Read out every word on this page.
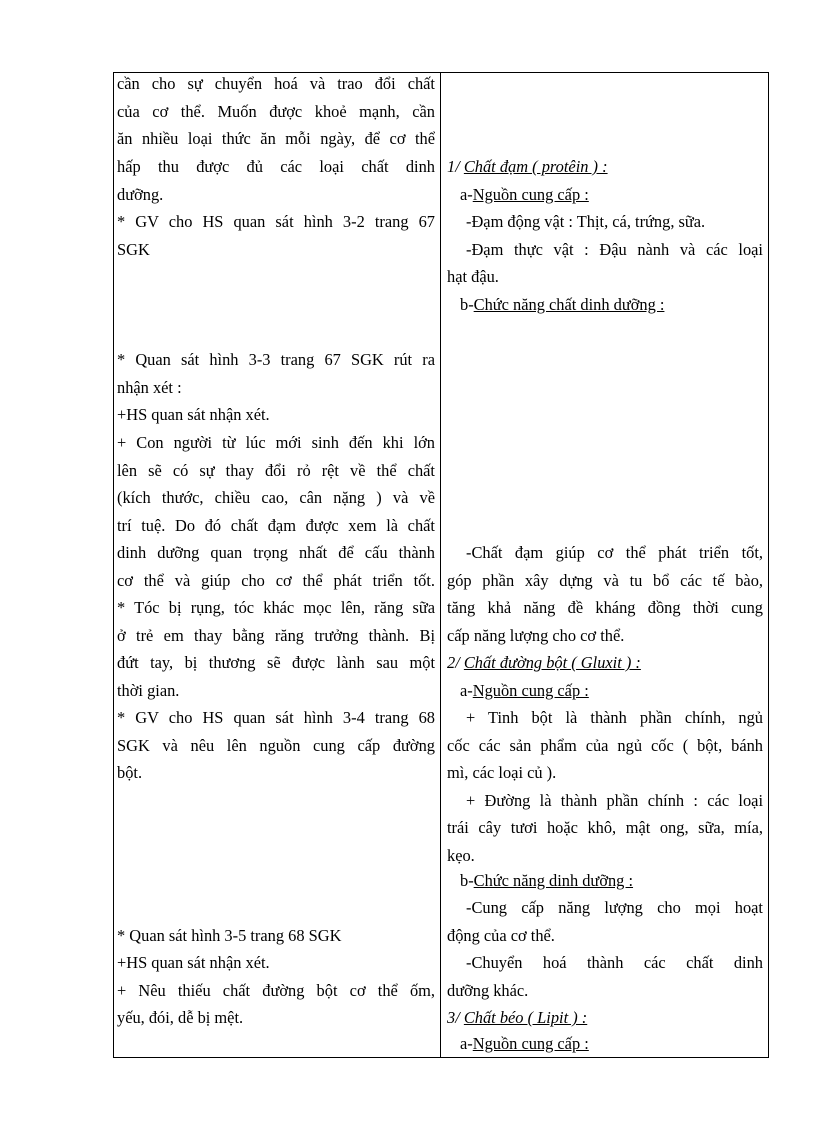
cần cho sự chuyển hoá và trao đổi chất
của cơ thể. Muốn được khoẻ mạnh, cần
ăn nhiều loại thức ăn mỗi ngày, để cơ thể
hấp thu được đủ các loại chất dinh
dưỡng.
* GV cho HS quan sát hình 3-2 trang 67
SGK
* Quan sát hình 3-3 trang 67 SGK rút ra
nhận xét :
+HS quan sát nhận xét.
+ Con người từ lúc mới sinh đến khi lớn
lên sẽ có sự thay đổi rỏ rệt về thể chất
(kích thước, chiều cao, cân nặng ) và về
trí tuệ. Do đó chất đạm được xem là chất
dinh dưỡng quan trọng nhất để cấu thành
cơ thể và giúp cho cơ thể phát triển tốt.
* Tóc bị rụng, tóc khác mọc lên, răng sữa
ở trẻ em thay bằng răng trưởng thành. Bị
đứt tay, bị thương sẽ được lành sau một
thời gian.
* GV cho HS quan sát hình 3-4 trang 68
SGK và nêu lên nguồn cung cấp đường
bột.
* Quan sát hình 3-5 trang 68 SGK
+HS quan sát nhận xét.
+ Nêu thiếu chất đường bột cơ thể ốm,
yếu, đói, dễ bị mệt.
1/ Chất đạm ( protêin ) :
a-Nguồn cung cấp :
-Đạm động vật : Thịt, cá, trứng, sữa.
-Đạm thực vật : Đậu nành và các loại
hạt đậu.
b-Chức năng chất dinh dưỡng :
-Chất đạm giúp cơ thể phát triển tốt,
góp phần xây dựng và tu bổ các tế bào,
tăng khả năng đề kháng đồng thời cung
cấp năng lượng cho cơ thể.
2/ Chất đường bột ( Gluxit ) :
a-Nguồn cung cấp :
+ Tinh bột là thành phần chính, ngủ
cốc các sản phẩm của ngủ cốc ( bột, bánh
mì, các loại củ ).
+ Đường là thành phần chính : các loại
trái cây tươi hoặc khô, mật ong, sữa, mía,
kẹo.
b-Chức năng dinh dưỡng :
-Cung cấp năng lượng cho mọi hoạt
động của cơ thể.
-Chuyển hoá thành các chất dinh
dưỡng khác.
3/ Chất béo ( Lipit ) :
a-Nguồn cung cấp :
